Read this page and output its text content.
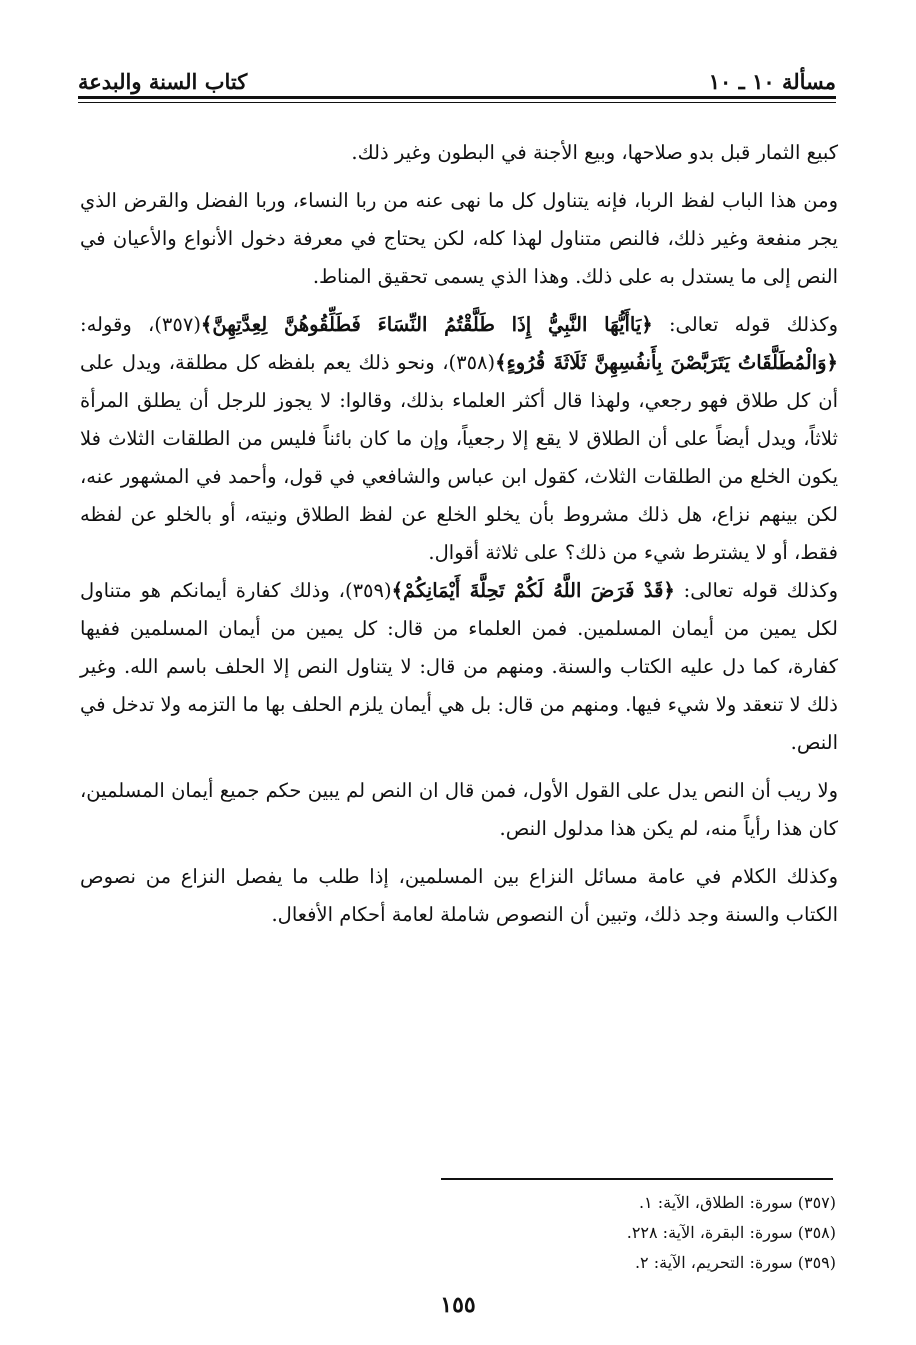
مسألة ١٠ ـ ١٠
كتاب السنة والبدعة

كبيع الثمار قبل بدو صلاحها، وبيع الأجنة في البطون وغير ذلك.

ومن هذا الباب لفظ الربا، فإنه يتناول كل ما نهى عنه من ربا النساء، وربا الفضل والقرض الذي يجر منفعة وغير ذلك، فالنص متناول لهذا كله، لكن يحتاج في معرفة دخول الأنواع والأعيان في النص إلى ما يستدل به على ذلك. وهذا الذي يسمى تحقيق المناط.

وكذلك قوله تعالى: ﴿يَاأَيُّهَا النَّبِيُّ إِذَا طَلَّقْتُمُ النِّسَاءَ فَطَلِّقُوهُنَّ لِعِدَّتِهِنَّ﴾(٣٥٧)، وقوله: ﴿وَالْمُطَلَّقَاتُ يَتَرَبَّصْنَ بِأَنفُسِهِنَّ ثَلَاثَةَ قُرُوءٍ﴾(٣٥٨)، ونحو ذلك يعم بلفظه كل مطلقة، ويدل على أن كل طلاق فهو رجعي، ولهذا قال أكثر العلماء بذلك، وقالوا: لا يجوز للرجل أن يطلق المرأة ثلاثاً، ويدل أيضاً على أن الطلاق لا يقع إلا رجعياً، وإن ما كان بائناً فليس من الطلقات الثلاث فلا يكون الخلع من الطلقات الثلاث، كقول ابن عباس والشافعي في قول، وأحمد في المشهور عنه، لكن بينهم نزاع، هل ذلك مشروط بأن يخلو الخلع عن لفظ الطلاق ونيته، أو بالخلو عن لفظه فقط، أو لا يشترط شيء من ذلك؟ على ثلاثة أقوال.

وكذلك قوله تعالى: ﴿قَدْ فَرَضَ اللَّهُ لَكُمْ تَحِلَّةَ أَيْمَانِكُمْ﴾(٣٥٩)، وذلك كفارة أيمانكم هو متناول لكل يمين من أيمان المسلمين. فمن العلماء من قال: كل يمين من أيمان المسلمين ففيها كفارة، كما دل عليه الكتاب والسنة. ومنهم من قال: لا يتناول النص إلا الحلف باسم الله. وغير ذلك لا تنعقد ولا شيء فيها. ومنهم من قال: بل هي أيمان يلزم الحلف بها ما التزمه ولا تدخل في النص.

ولا ريب أن النص يدل على القول الأول، فمن قال ان النص لم يبين حكم جميع أيمان المسلمين، كان هذا رأياً منه، لم يكن هذا مدلول النص.

وكذلك الكلام في عامة مسائل النزاع بين المسلمين، إذا طلب ما يفصل النزاع من نصوص الكتاب والسنة وجد ذلك، وتبين أن النصوص شاملة لعامة أحكام الأفعال.

(٣٥٧) سورة: الطلاق، الآية: ١.
(٣٥٨) سورة: البقرة، الآية: ٢٢٨.
(٣٥٩) سورة: التحريم، الآية: ٢.
١٥٥
